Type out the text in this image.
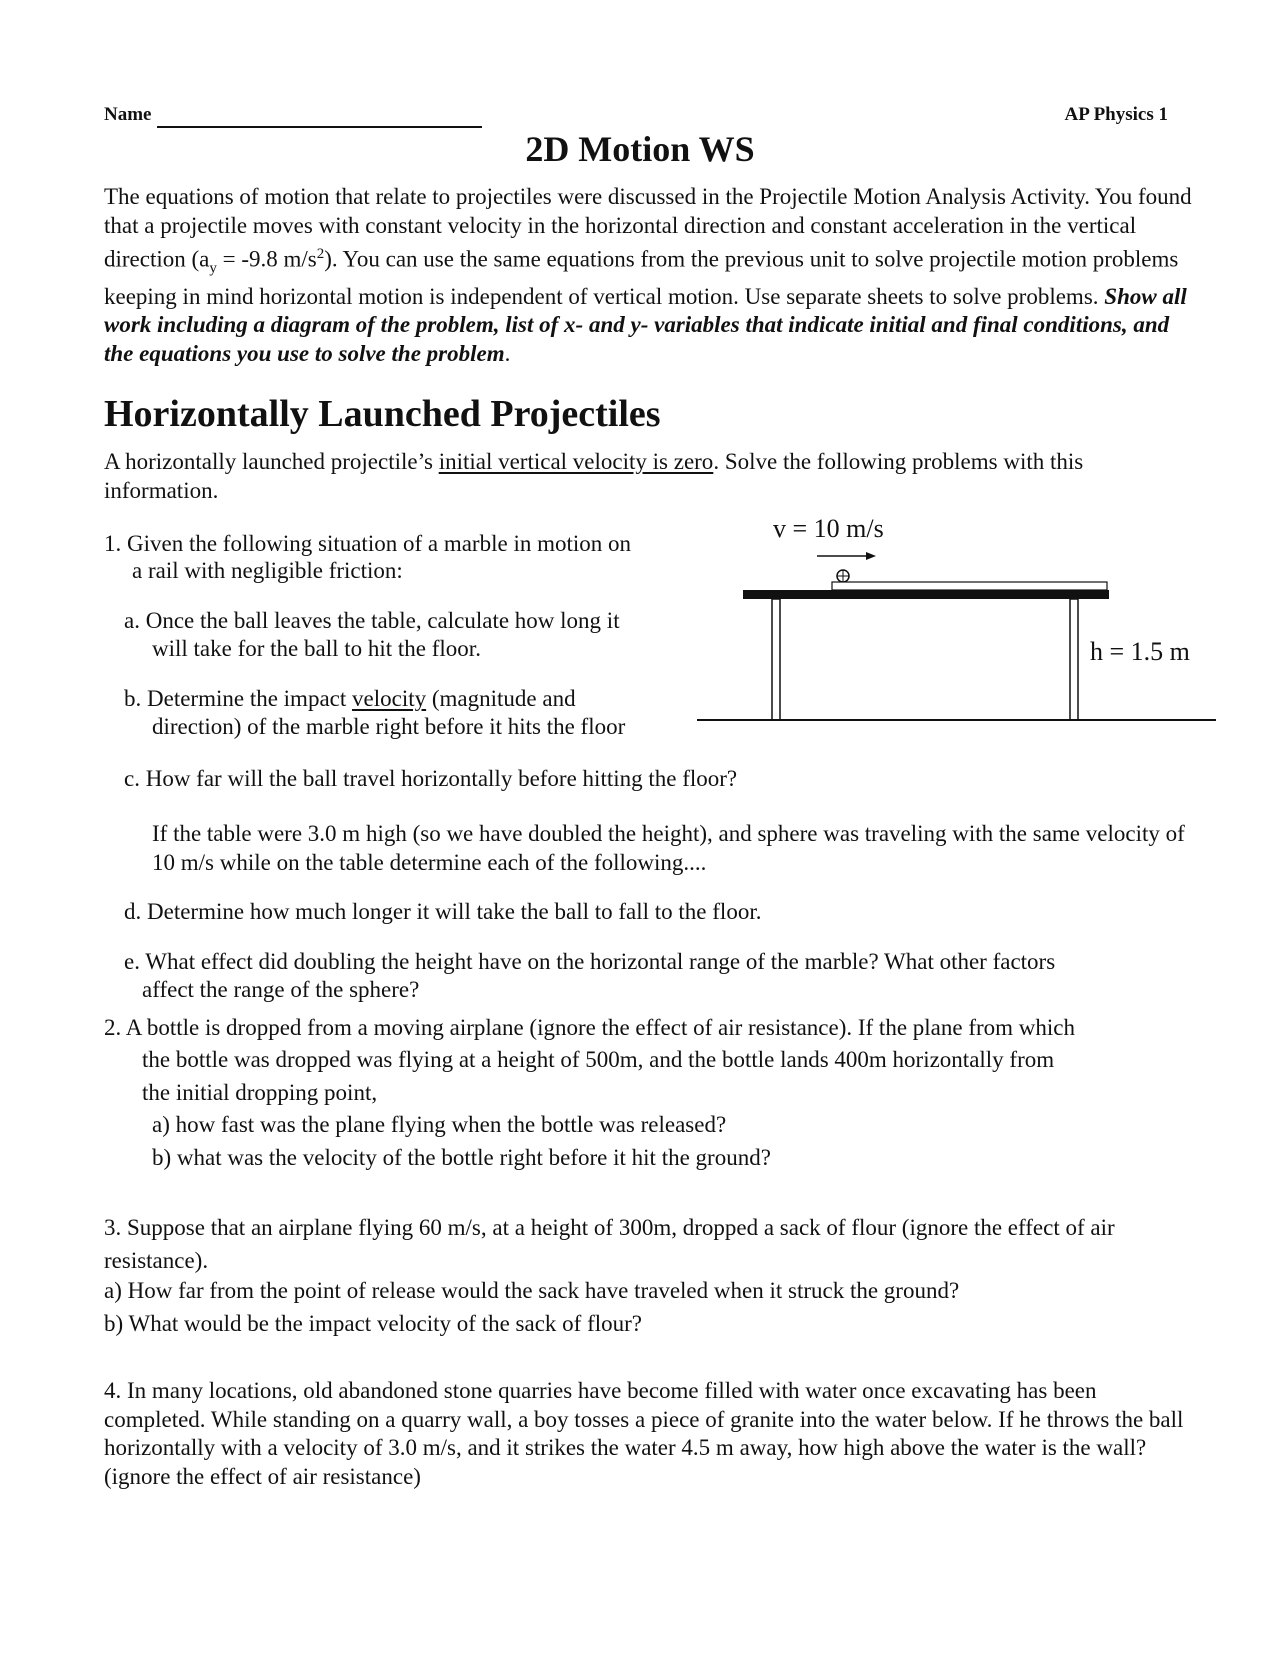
Name	AP Physics 1
2D Motion WS
The equations of motion that relate to projectiles were discussed in the Projectile Motion Analysis Activity. You found that a projectile moves with constant velocity in the horizontal direction and constant acceleration in the vertical direction ($a_y = -9.8$ $m/s^2$). You can use the same equations from the previous unit to solve projectile motion problems keeping in mind horizontal motion is independent of vertical motion. Use separate sheets to solve problems. Show all work including a diagram of the problem, list of x- and y- variables that indicate initial and final conditions, and the equations you use to solve the problem.
Horizontally Launched Projectiles
A horizontally launched projectile’s initial vertical velocity is zero. Solve the following problems with this information.
1. Given the following situation of a marble in motion on
a rail with negligible friction:
a. Once the ball leaves the table, calculate how long it
will take for the ball to hit the floor.
b. Determine the impact velocity (magnitude and
direction) of the marble right before it hits the floor
c. How far will the ball travel horizontally before hitting the floor?
If the table were 3.0 m high (so we have doubled the height), and sphere was traveling with the same velocity of 10 m/s while on the table determine each of the following....
d. Determine how much longer it will take the ball to fall to the floor.
e. What effect did doubling the height have on the horizontal range of the marble? What other factors
affect the range of the sphere?
v = 10 m/s
h = 1.5 m
2. A bottle is dropped from a moving airplane (ignore the effect of air resistance). If the plane from which
the bottle was dropped was flying at a height of 500m, and the bottle lands 400m horizontally from
the initial dropping point,
a) how fast was the plane flying when the bottle was released?
b) what was the velocity of the bottle right before it hit the ground?
3. Suppose that an airplane flying 60 m/s, at a height of 300m, dropped a sack of flour (ignore the effect of air resistance).
a) How far from the point of release would the sack have traveled when it struck the ground?
b) What would be the impact velocity of the sack of flour?
4. In many locations, old abandoned stone quarries have become filled with water once excavating has been completed. While standing on a quarry wall, a boy tosses a piece of granite into the water below. If he throws the ball horizontally with a velocity of 3.0 m/s, and it strikes the water 4.5 m away, how high above the water is the wall? (ignore the effect of air resistance)
